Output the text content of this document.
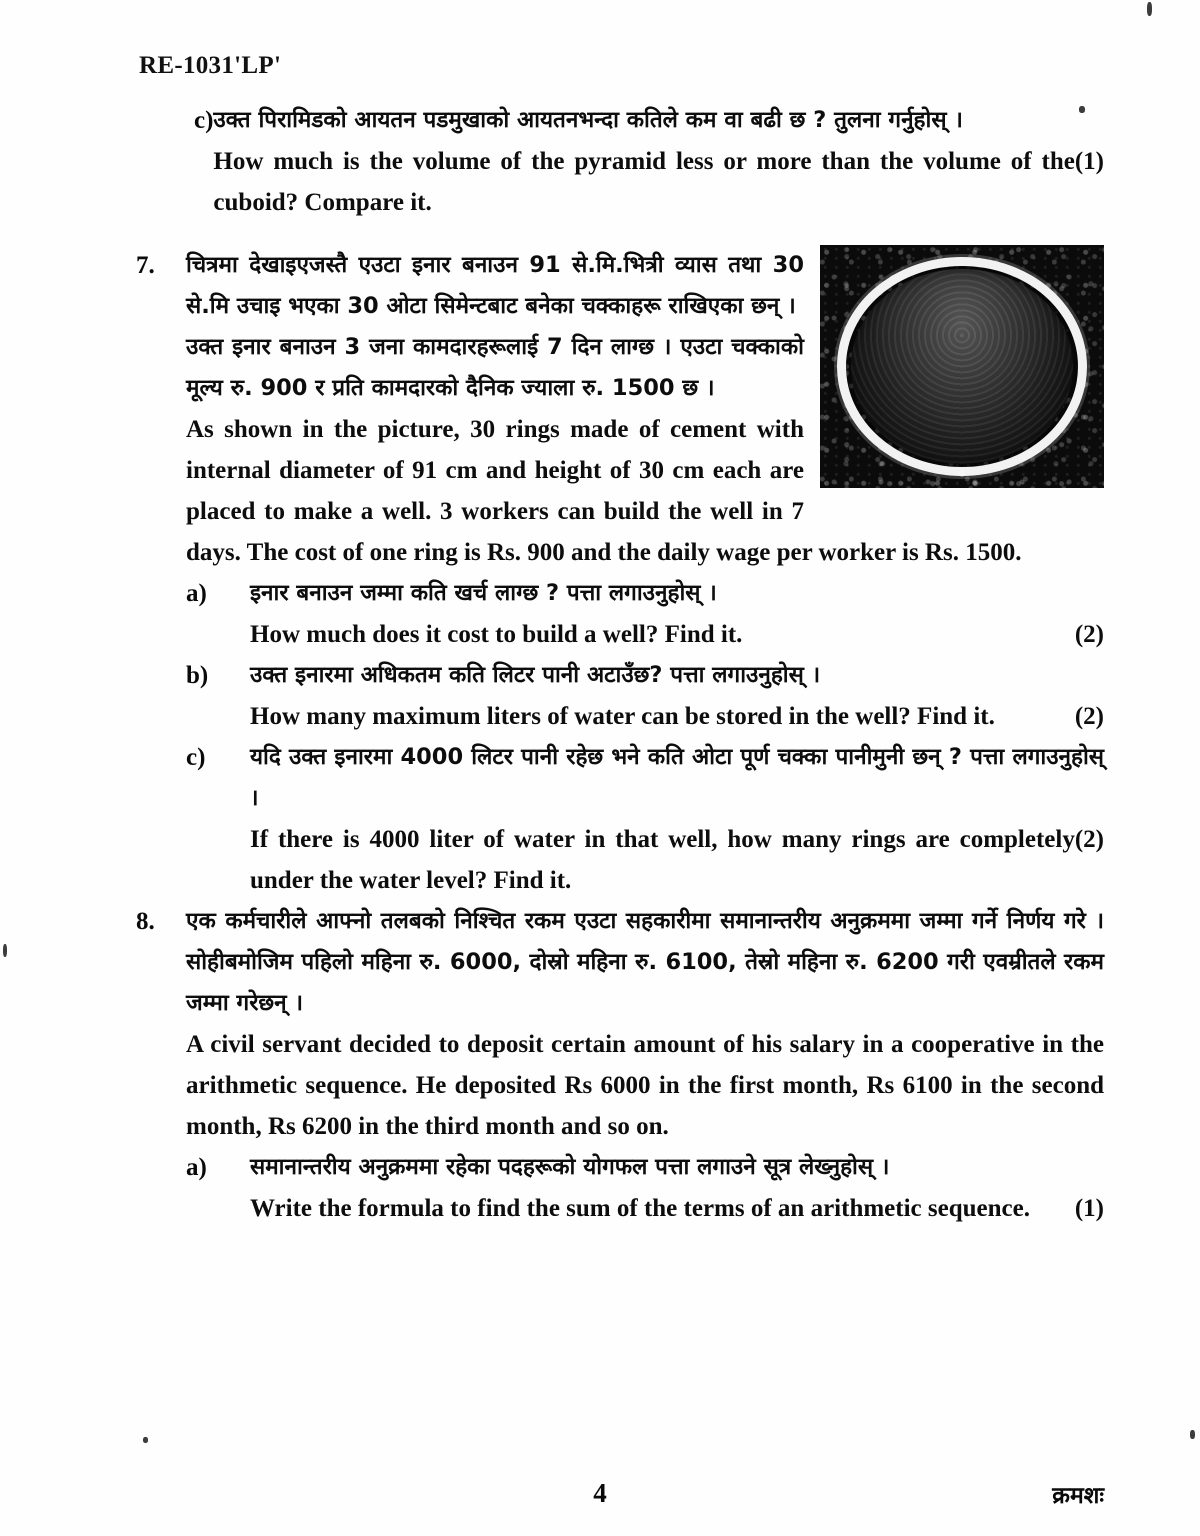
RE-1031'LP'
c) उक्त पिरामिडको आयतन पडमुखाको आयतनभन्दा कतिले कम वा बढी छ ? तुलना गर्नुहोस् ।

(1)
How much is the volume of the pyramid less or more than the volume of the cuboid? Compare it.
7.	चित्रमा देखाइएजस्तै एउटा इनार बनाउन 91 से.मि.भित्री व्यास तथा 30 से.मि उचाइ भएका 30 ओटा सिमेन्टबाट बनेका चक्काहरू राखिएका छन् ।

उक्त इनार बनाउन 3 जना कामदारहरूलाई 7 दिन लाग्छ । एउटा चक्काको मूल्य रु. 900 र प्रति कामदारको दैनिक ज्याला रु. 1500 छ ।

As shown in the picture, 30 rings made of cement with internal diameter of 91 cm and height of 30 cm each are placed to make a well. 3 workers can build the well in 7 days. The cost of one ring is Rs. 900 and the daily wage per worker is Rs. 1500.

a)	इनार बनाउन जम्मा कति खर्च लाग्छ ? पत्ता लगाउनुहोस् ।

How much does it cost to build a well? Find it.	(2)
b)	उक्त इनारमा अधिकतम कति लिटर पानी अटाउँछ? पत्ता लगाउनुहोस् ।

(2)
How many maximum liters of water can be stored in the well? Find it.
c)	यदि उक्त इनारमा 4000 लिटर पानी रहेछ भने कति ओटा पूर्ण चक्का पानीमुनी छन् ? पत्ता लगाउनुहोस् ।

(2)
If there is 4000 liter of water in that well, how many rings are completely under the water level? Find it.
8.	एक कर्मचारीले आफ्नो तलबको निश्चित रकम एउटा सहकारीमा समानान्तरीय अनुक्रममा जम्मा गर्ने निर्णय गरे । सोहीबमोजिम पहिलो महिना रु. 6000, दोस्रो महिना रु. 6100, तेस्रो महिना रु. 6200 गरी एवम्रीतले रकम जम्मा गरेछन् ।

A civil servant decided to deposit certain amount of his salary in a cooperative in the arithmetic sequence. He deposited Rs 6000 in the first month, Rs 6100 in the second month, Rs 6200 in the third month and so on.

a)	समानान्तरीय अनुक्रममा रहेका पदहरूको योगफल पत्ता लगाउने सूत्र लेख्नुहोस् ।

(1)
Write the formula to find the sum of the terms of an arithmetic sequence.
4	क्रमशः
